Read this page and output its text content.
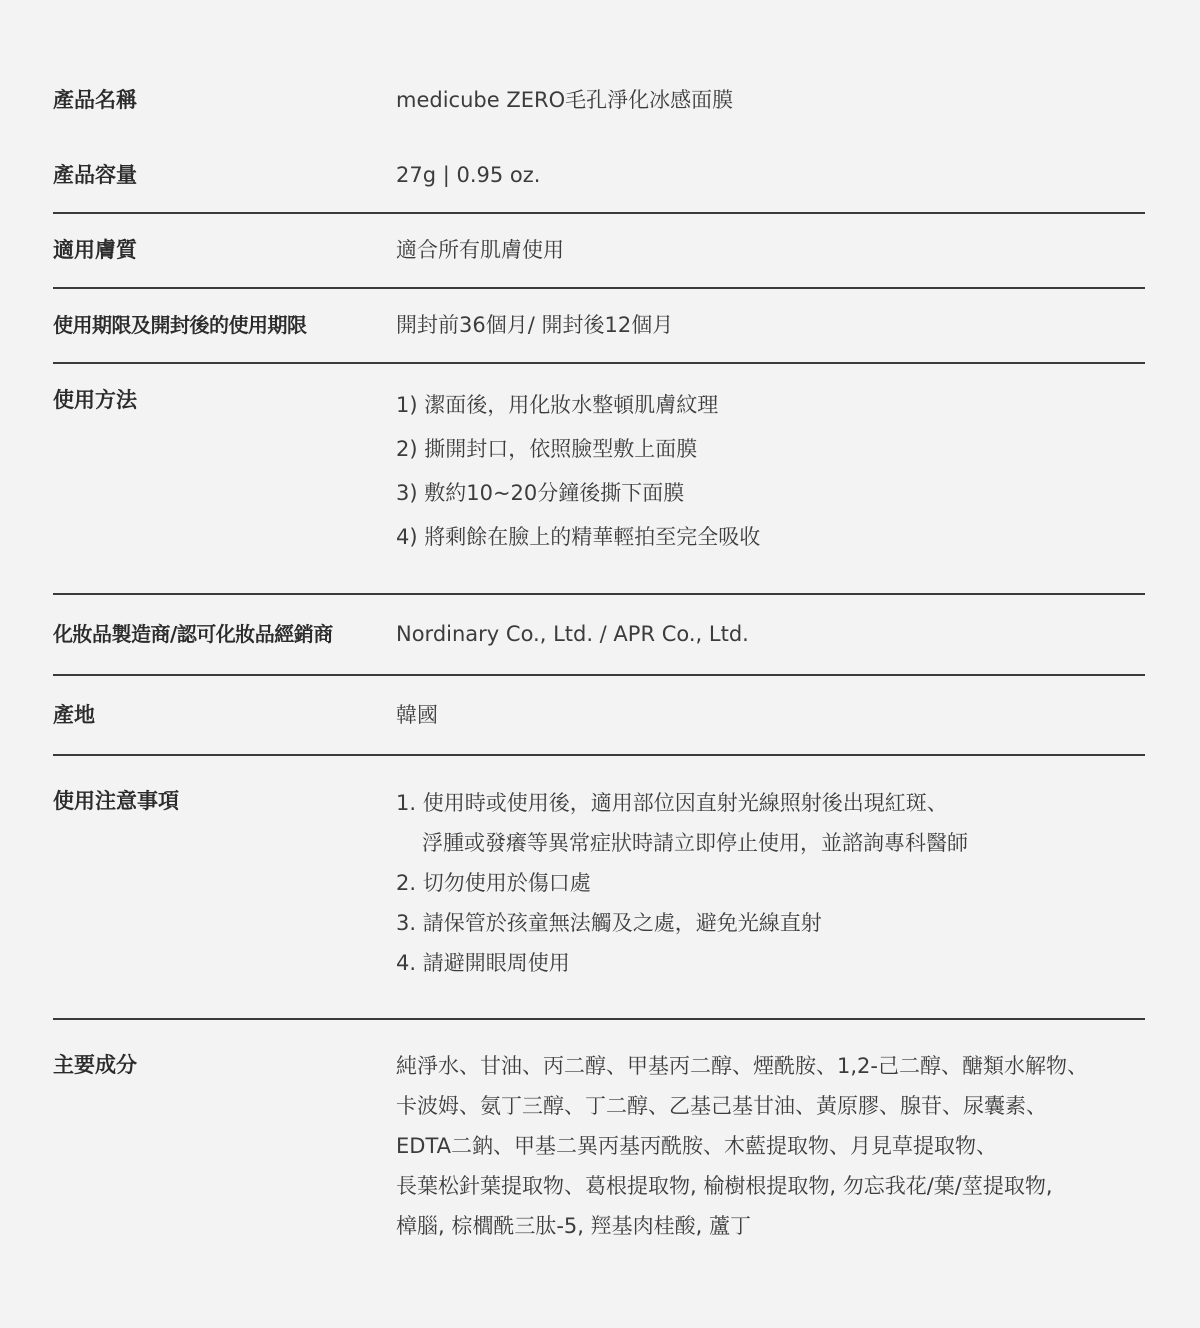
產品名稱	medicube ZERO毛孔淨化冰感面膜
產品容量	27g | 0.95 oz.
適用膚質	適合所有肌膚使用
使用期限及開封後的使用期限	開封前36個月/ 開封後12個月
使用方法	1) 潔面後，用化妝水整頓肌膚紋理
2) 撕開封口，依照臉型敷上面膜
3) 敷約10~20分鐘後撕下面膜
4) 將剩餘在臉上的精華輕拍至完全吸收
化妝品製造商/認可化妝品經銷商	Nordinary Co., Ltd. / APR Co., Ltd.
產地	韓國
使用注意事項	1. 使用時或使用後，適用部位因直射光線照射後出現紅斑、
浮腫或發癢等異常症狀時請立即停止使用，並諮詢專科醫師
2. 切勿使用於傷口處
3. 請保管於孩童無法觸及之處，避免光線直射
4. 請避開眼周使用
主要成分	純淨水、甘油、丙二醇、甲基丙二醇、煙酰胺、1,2-己二醇、醣類水解物、
卡波姆、氨丁三醇、丁二醇、乙基己基甘油、黃原膠、腺苷、尿囊素、
EDTA二鈉、甲基二異丙基丙酰胺、木藍提取物、月見草提取物、
長葉松針葉提取物、葛根提取物, 榆樹根提取物, 勿忘我花/葉/莖提取物,
樟腦, 棕櫚酰三肽-5, 羥基肉桂酸, 蘆丁
